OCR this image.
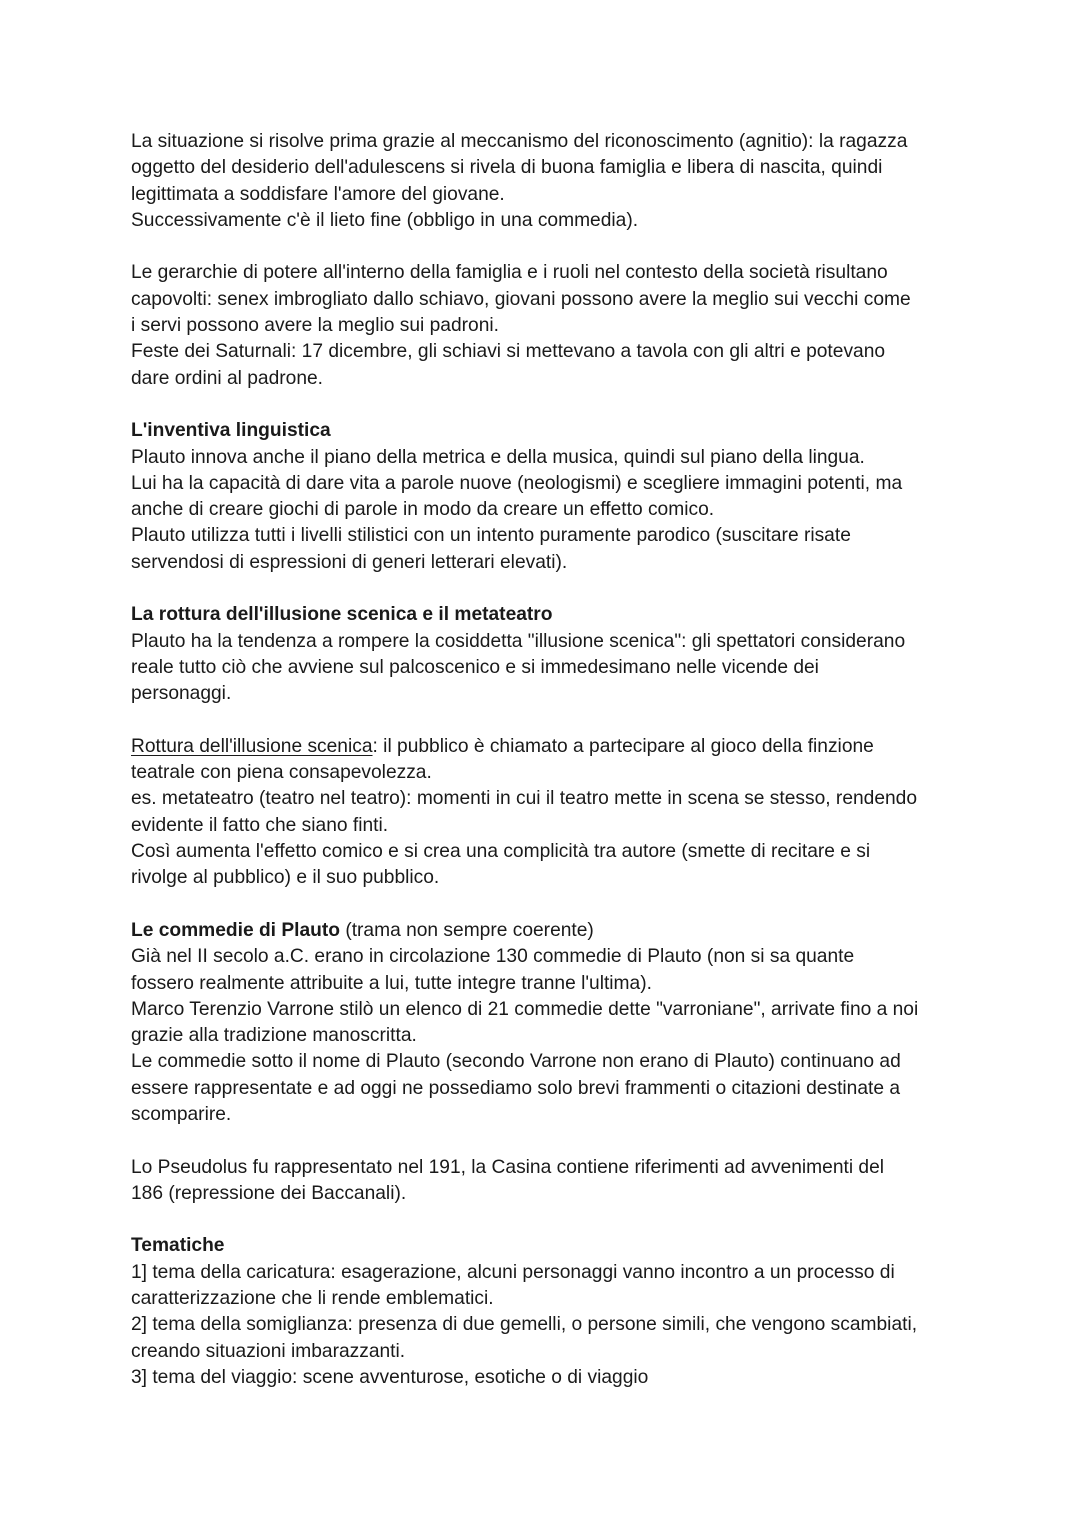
La situazione si risolve prima grazie al meccanismo del riconoscimento (agnitio): la ragazza
oggetto del desiderio dell'adulescens si rivela di buona famiglia e libera di nascita, quindi
legittimata a soddisfare l'amore del giovane.
Successivamente c'è il lieto fine (obbligo in una commedia).
Le gerarchie di potere all'interno della famiglia e i ruoli nel contesto della società risultano
capovolti: senex imbrogliato dallo schiavo, giovani possono avere la meglio sui vecchi come
i servi possono avere la meglio sui padroni.
Feste dei Saturnali: 17 dicembre, gli schiavi si mettevano a tavola con gli altri e potevano
dare ordini al padrone.
L'inventiva linguistica
Plauto innova anche il piano della metrica e della musica, quindi sul piano della lingua.
Lui ha la capacità di dare vita a parole nuove (neologismi) e scegliere immagini potenti, ma
anche di creare giochi di parole in modo da creare un effetto comico.
Plauto utilizza tutti i livelli stilistici con un intento puramente parodico (suscitare risate
servendosi di espressioni di generi letterari elevati).
La rottura dell'illusione scenica e il metateatro
Plauto ha la tendenza a rompere la cosiddetta "illusione scenica": gli spettatori considerano
reale tutto ciò che avviene sul palcoscenico e si immedesimano nelle vicende dei
personaggi.
Rottura dell'illusione scenica: il pubblico è chiamato a partecipare al gioco della finzione
teatrale con piena consapevolezza.
es. metateatro (teatro nel teatro): momenti in cui il teatro mette in scena se stesso, rendendo
evidente il fatto che siano finti.
Così aumenta l'effetto comico e si crea una complicità tra autore (smette di recitare e si
rivolge al pubblico) e il suo pubblico.
Le commedie di Plauto (trama non sempre coerente)
Già nel II secolo a.C. erano in circolazione 130 commedie di Plauto (non si sa quante
fossero realmente attribuite a lui, tutte integre tranne l'ultima).
Marco Terenzio Varrone stilò un elenco di 21 commedie dette "varroniane", arrivate fino a noi
grazie alla tradizione manoscritta.
Le commedie sotto il nome di Plauto (secondo Varrone non erano di Plauto) continuano ad
essere rappresentate e ad oggi ne possediamo solo brevi frammenti o citazioni destinate a
scomparire.
Lo Pseudolus fu rappresentato nel 191, la Casina contiene riferimenti ad avvenimenti del
186 (repressione dei Baccanali).
Tematiche
1] tema della caricatura: esagerazione, alcuni personaggi vanno incontro a un processo di
caratterizzazione che li rende emblematici.
2] tema della somiglianza: presenza di due gemelli, o persone simili, che vengono scambiati,
creando situazioni imbarazzanti.
3] tema del viaggio: scene avventurose, esotiche o di viaggio
